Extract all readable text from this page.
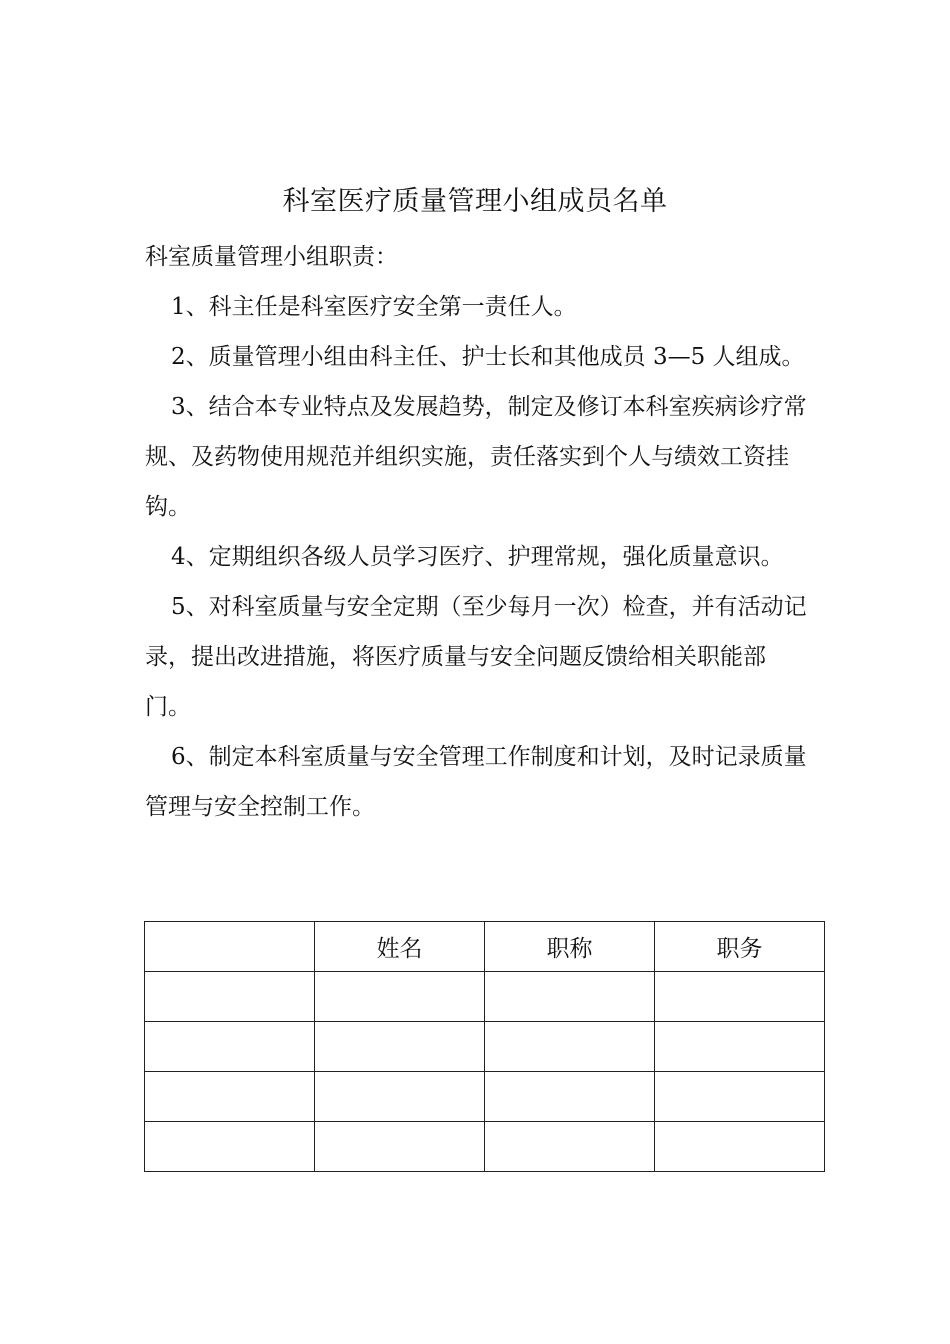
科室医疗质量管理小组成员名单

科室质量管理小组职责：

1、科主任是科室医疗安全第一责任人。

2、质量管理小组由科主任、护士长和其他成员 3—5 人组成。

3、结合本专业特点及发展趋势，制定及修订本科室疾病诊疗常规、及药物使用规范并组织实施，责任落实到个人与绩效工资挂钩。

4、定期组织各级人员学习医疗、护理常规，强化质量意识。

5、对科室质量与安全定期（至少每月一次）检查，并有活动记录，提出改进措施，将医疗质量与安全问题反馈给相关职能部门。

6、制定本科室质量与安全管理工作制度和计划，及时记录质量管理与安全控制工作。

	姓名	职称	职务
